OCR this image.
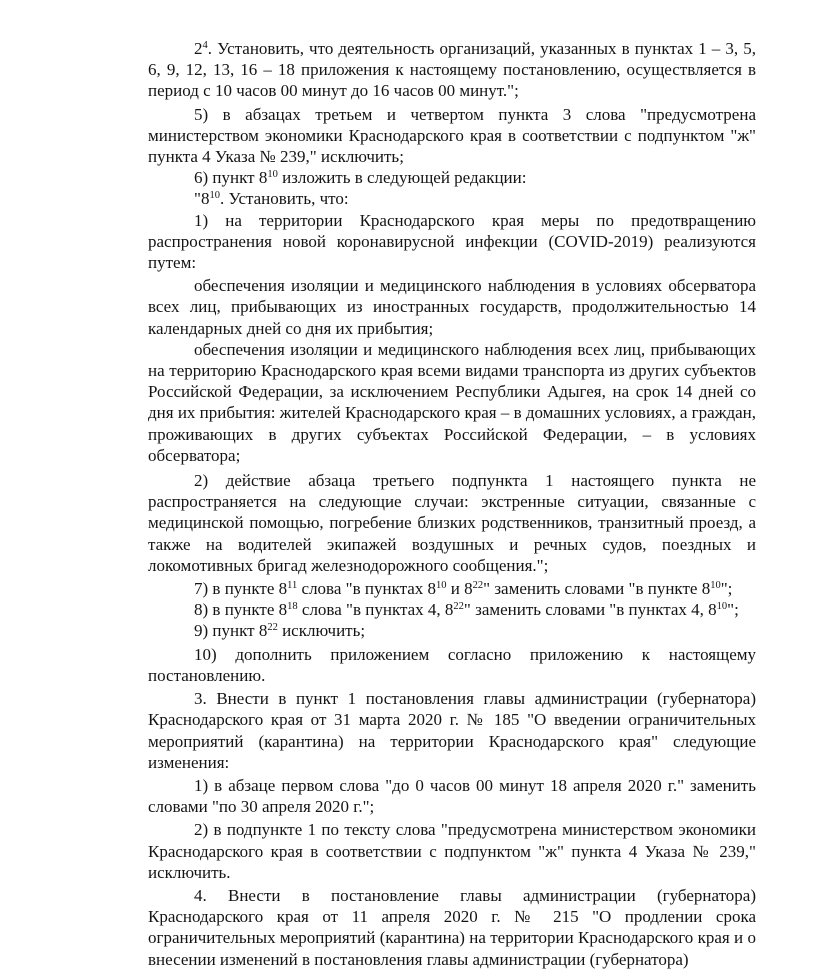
$2^4$. Установить, что деятельность организаций, указанных в пунктах 1 – 3, 5, 6, 9, 12, 13, 16 – 18 приложения к настоящему постановлению, осуществляется в период с 10 часов 00 минут до 16 часов 00 минут.";
5) в абзацах третьем и четвертом пункта 3 слова "предусмотрена министерством экономики Краснодарского края в соответствии с подпунктом "ж" пункта 4 Указа № 239," исключить;
6) пункт $8^{10}$ изложить в следующей редакции:
"$8^{10}$. Установить, что:
1) на территории Краснодарского края меры по предотвращению распространения новой коронавирусной инфекции (COVID-2019) реализуются путем:
обеспечения изоляции и медицинского наблюдения в условиях обсерватора всех лиц, прибывающих из иностранных государств, продолжительностью 14 календарных дней со дня их прибытия;
обеспечения изоляции и медицинского наблюдения всех лиц, прибывающих на территорию Краснодарского края всеми видами транспорта из других субъектов Российской Федерации, за исключением Республики Адыгея, на срок 14 дней со дня их прибытия: жителей Краснодарского края – в домашних условиях, а граждан, проживающих в других субъектах Российской Федерации, – в условиях обсерватора;
2) действие абзаца третьего подпункта 1 настоящего пункта не распространяется на следующие случаи: экстренные ситуации, связанные с медицинской помощью, погребение близких родственников, транзитный проезд, а также на водителей экипажей воздушных и речных судов, поездных и локомотивных бригад железнодорожного сообщения.";
7) в пункте $8^{11}$ слова "в пунктах $8^{10}$ и $8^{22}$" заменить словами "в пункте $8^{10}$";
8) в пункте $8^{18}$ слова "в пунктах 4, $8^{22}$" заменить словами "в пунктах 4, $8^{10}$";
9) пункт $8^{22}$ исключить;
10) дополнить приложением согласно приложению к настоящему постановлению.
3. Внести в пункт 1 постановления главы администрации (губернатора) Краснодарского края от 31 марта 2020 г. № 185 "О введении ограничительных мероприятий (карантина) на территории Краснодарского края" следующие изменения:
1) в абзаце первом слова "до 0 часов 00 минут 18 апреля 2020 г." заменить словами "по 30 апреля 2020 г.";
2) в подпункте 1 по тексту слова "предусмотрена министерством экономики Краснодарского края в соответствии с подпунктом "ж" пункта 4 Указа № 239," исключить.
4. Внести в постановление главы администрации (губернатора) Краснодарского края от 11 апреля 2020 г. № 215 "О продлении срока ограничительных мероприятий (карантина) на территории Краснодарского края и о внесении изменений в постановления главы администрации (губернатора)
